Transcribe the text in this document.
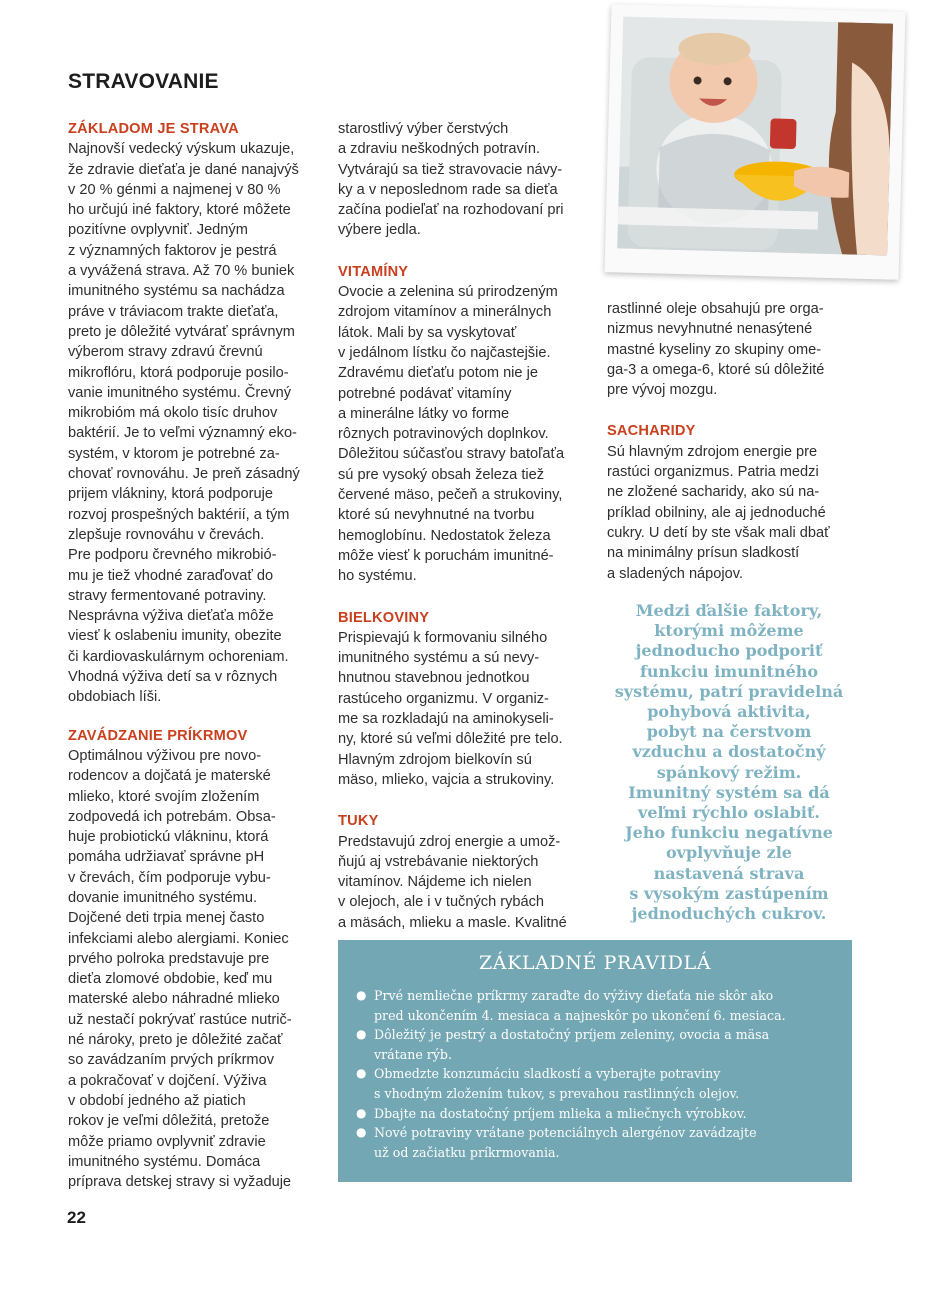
STRAVOVANIE
ZÁKLADOM JE STRAVA

Najnovší vedecký výskum ukazuje,
že zdravie dieťaťa je dané nanajvýš
v 20 % génmi a najmenej v 80 %
ho určujú iné faktory, ktoré môžete
pozitívne ovplyvniť. Jedným
z významných faktorov je pestrá
a vyvážená strava. Až 70 % buniek
imunitného systému sa nachádza
práve v tráviacom trakte dieťaťa,
preto je dôležité vytvárať správnym
výberom stravy zdravú črevnú
mikroflóru, ktorá podporuje posilo-
vanie imunitného systému. Črevný
mikrobióm má okolo tisíc druhov
baktérií. Je to veľmi významný eko-
systém, v ktorom je potrebné za-
chovať rovnováhu. Je preň zásadný
prijem vlákniny, ktorá podporuje
rozvoj prospešných baktérií, a tým
zlepšuje rovnováhu v črevách.
Pre podporu črevného mikrobió-
mu je tiež vhodné zaraďovať do
stravy fermentované potraviny.
Nesprávna výživa dieťaťa môže
viesť k oslabeniu imunity, obezite
či kardiovaskulárnym ochoreniam.
Vhodná výživa detí sa v rôznych
obdobiach líši.

ZAVÁDZANIE PRÍKRMOV

Optimálnou výživou pre novo-
rodencov a dojčatá je materské
mlieko, ktoré svojím zložením
zodpovedá ich potrebám. Obsa-
huje probiotickú vlákninu, ktorá
pomáha udržiavať správne pH
v črevách, čím podporuje vybu-
dovanie imunitného systému.
Dojčené deti trpia menej často
infekciami alebo alergiami. Koniec
prvého polroka predstavuje pre
dieťa zlomové obdobie, keď mu
materské alebo náhradné mlieko
už nestačí pokrývať rastúce nutrič-
né nároky, preto je dôležité začať
so zavádzaním prvých príkrmov
a pokračovať v dojčení. Výživa
v období jedného až piatich
rokov je veľmi dôležitá, pretože
môže priamo ovplyvniť zdravie
imunitného systému. Domáca
príprava detskej stravy si vyžaduje

starostlivý výber čerstvých
a zdraviu neškodných potravín.
Vytvárajú sa tiež stravovacie návy-
ky a v neposlednom rade sa dieťa
začína podieľať na rozhodovaní pri
výbere jedla.

VITAMÍNY

Ovocie a zelenina sú prirodzeným
zdrojom vitamínov a minerálnych
látok. Mali by sa vyskytovať
v jedálnom lístku čo najčastejšie.
Zdravému dieťaťu potom nie je
potrebné podávať vitamíny
a minerálne látky vo forme
rôznych potravinových doplnkov.
Dôležitou súčasťou stravy batoľaťa
sú pre vysoký obsah železa tiež
červené mäso, pečeň a strukoviny,
ktoré sú nevyhnutné na tvorbu
hemoglobínu. Nedostatok železa
môže viesť k poruchám imunitné-
ho systému.

BIELKOVINY

Prispievajú k formovaniu silného
imunitného systému a sú nevy-
hnutnou stavebnou jednotkou
rastúceho organizmu. V organiz-
me sa rozkladajú na aminokyseli-
ny, ktoré sú veľmi dôležité pre telo.
Hlavným zdrojom bielkovín sú
mäso, mlieko, vajcia a strukoviny.

TUKY

Predstavujú zdroj energie a umož-
ňujú aj vstrebávanie niektorých
vitamínov. Nájdeme ich nielen
v olejoch, ale i v tučných rybách
a mäsách, mlieku a masle. Kvalitné

rastlinné oleje obsahujú pre orga-
nizmus nevyhnutné nenasýtené
mastné kyseliny zo skupiny ome-
ga-3 a omega-6, ktoré sú dôležité
pre vývoj mozgu.

SACHARIDY

Sú hlavným zdrojom energie pre
rastúci organizmus. Patria medzi
ne zložené sacharidy, ako sú na-
príklad obilniny, ale aj jednoduché
cukry. U detí by ste však mali dbať
na minimálny prísun sladkostí
a sladených nápojov.

Medzi ďalšie faktory,
ktorými môžeme
jednoducho podporiť
funkciu imunitného
systému, patrí pravidelná
pohybová aktivita,
pobyt na čerstvom
vzduchu a dostatočný
spánkový režim.
Imunitný systém sa dá
veľmi rýchlo oslabiť.
Jeho funkciu negatívne
ovplyvňuje zle
nastavená strava
s vysokým zastúpením
jednoduchých cukrov.
ZÁKLADNÉ PRAVIDLÁ
● Prvé nemliečne príkrmy zaraďte do výživy dieťaťa nie skôr ako
pred ukončením 4. mesiaca a najneskôr po ukončení 6. mesiaca.
● Dôležitý je pestrý a dostatočný príjem zeleniny, ovocia a mäsa
vrátane rýb.
● Obmedzte konzumáciu sladkostí a vyberajte potraviny
s vhodným zložením tukov, s prevahou rastlinných olejov.
● Dbajte na dostatočný príjem mlieka a mliečnych výrobkov.
● Nové potraviny vrátane potenciálnych alergénov zavádzajte
už od začiatku príkrmovania.
22
